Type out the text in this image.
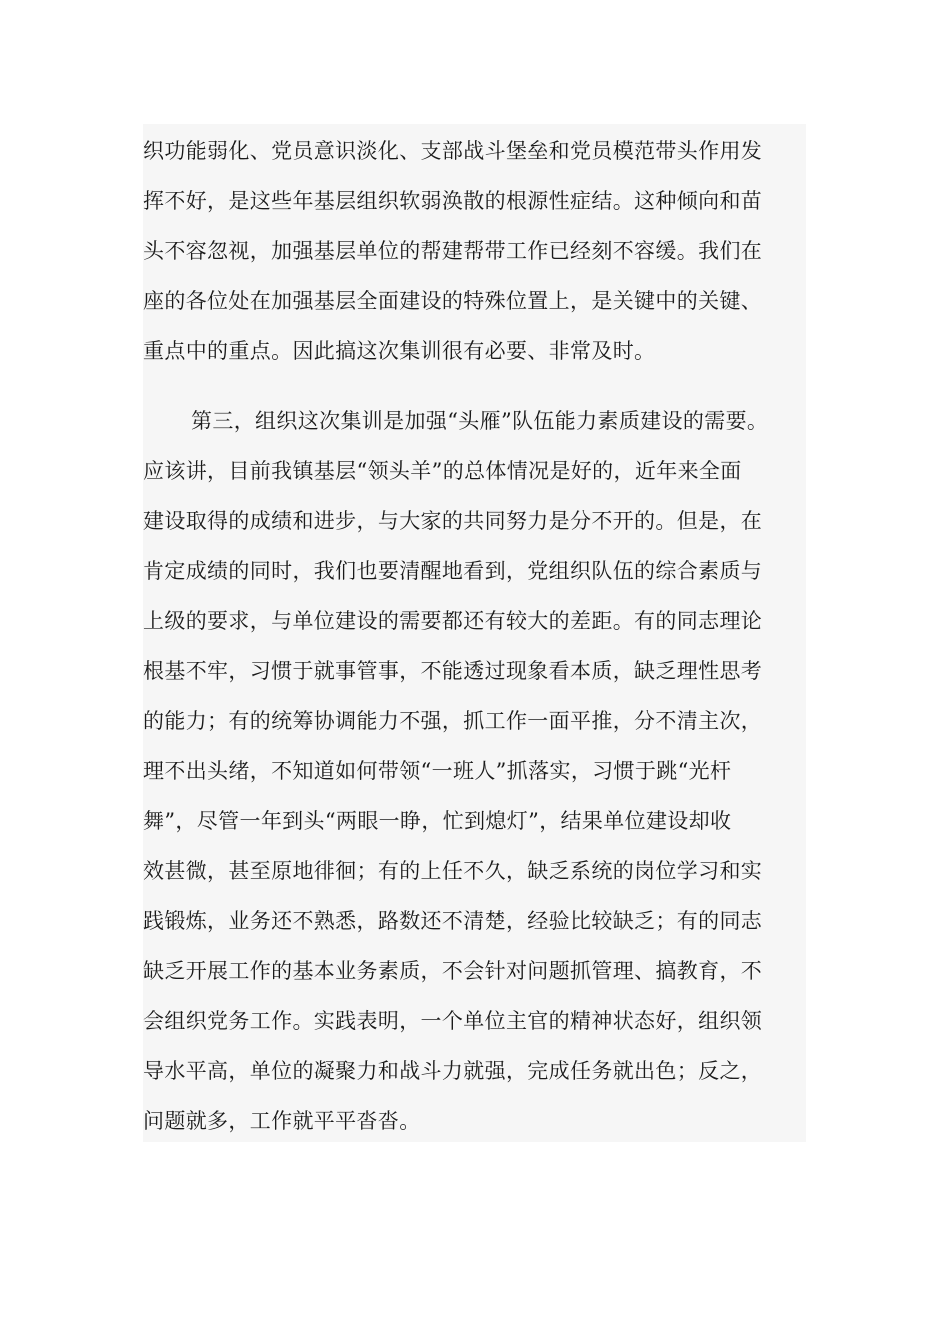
织功能弱化、党员意识淡化、支部战斗堡垒和党员模范带头作用发
挥不好，是这些年基层组织软弱涣散的根源性症结。这种倾向和苗
头不容忽视，加强基层单位的帮建帮带工作已经刻不容缓。我们在
座的各位处在加强基层全面建设的特殊位置上，是关键中的关键、
重点中的重点。因此搞这次集训很有必要、非常及时。
第三，组织这次集训是加强“头雁”队伍能力素质建设的需要。
应该讲，目前我镇基层“领头羊”的总体情况是好的，近年来全面
建设取得的成绩和进步，与大家的共同努力是分不开的。但是，在
肯定成绩的同时，我们也要清醒地看到，党组织队伍的综合素质与
上级的要求，与单位建设的需要都还有较大的差距。有的同志理论
根基不牢，习惯于就事管事，不能透过现象看本质，缺乏理性思考
的能力；有的统筹协调能力不强，抓工作一面平推，分不清主次，
理不出头绪，不知道如何带领“一班人”抓落实，习惯于跳“光杆
舞”，尽管一年到头“两眼一睁，忙到熄灯”，结果单位建设却收
效甚微，甚至原地徘徊；有的上任不久，缺乏系统的岗位学习和实
践锻炼，业务还不熟悉，路数还不清楚，经验比较缺乏；有的同志
缺乏开展工作的基本业务素质，不会针对问题抓管理、搞教育，不
会组织党务工作。实践表明，一个单位主官的精神状态好，组织领
导水平高，单位的凝聚力和战斗力就强，完成任务就出色；反之，
问题就多，工作就平平沓沓。
